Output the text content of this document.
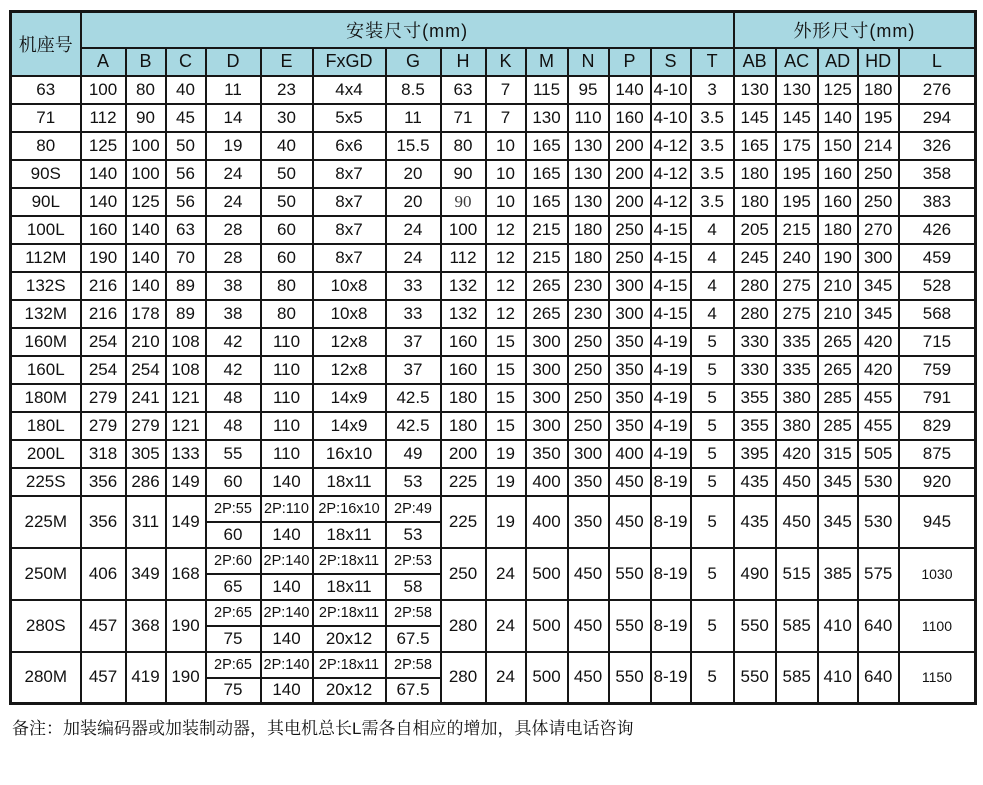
机座号	安装尺寸(mm)														外形尺寸(mm)				
	A	B	C	D	E	FxGD	G	H	K	M	N	P	S	T	AB	AC	AD	HD	L
63	100	80	40	11	23	4x4	8.5	63	7	115	95	140	4-10	3	130	130	125	180	276
71	112	90	45	14	30	5x5	11	71	7	130	110	160	4-10	3.5	145	145	140	195	294
80	125	100	50	19	40	6x6	15.5	80	10	165	130	200	4-12	3.5	165	175	150	214	326
90S	140	100	56	24	50	8x7	20	90	10	165	130	200	4-12	3.5	180	195	160	250	358
90L	140	125	56	24	50	8x7	20	90	10	165	130	200	4-12	3.5	180	195	160	250	383
100L	160	140	63	28	60	8x7	24	100	12	215	180	250	4-15	4	205	215	180	270	426
112M	190	140	70	28	60	8x7	24	112	12	215	180	250	4-15	4	245	240	190	300	459
132S	216	140	89	38	80	10x8	33	132	12	265	230	300	4-15	4	280	275	210	345	528
132M	216	178	89	38	80	10x8	33	132	12	265	230	300	4-15	4	280	275	210	345	568
160M	254	210	108	42	110	12x8	37	160	15	300	250	350	4-19	5	330	335	265	420	715
160L	254	254	108	42	110	12x8	37	160	15	300	250	350	4-19	5	330	335	265	420	759
180M	279	241	121	48	110	14x9	42.5	180	15	300	250	350	4-19	5	355	380	285	455	791
180L	279	279	121	48	110	14x9	42.5	180	15	300	250	350	4-19	5	355	380	285	455	829
200L	318	305	133	55	110	16x10	49	200	19	350	300	400	4-19	5	395	420	315	505	875
225S	356	286	149	60	140	18x11	53	225	19	400	350	450	8-19	5	435	450	345	530	920
225M	356	311	149	2P:55	2P:110	2P:16x10	2P:49	225	19	400	350	450	8-19	5	435	450	345	530	945
				60	140	18x11	53												
250M	406	349	168	2P:60	2P:140	2P:18x11	2P:53	250	24	500	450	550	8-19	5	490	515	385	575	1030
				65	140	18x11	58												
280S	457	368	190	2P:65	2P:140	2P:18x11	2P:58	280	24	500	450	550	8-19	5	550	585	410	640	1100
				75	140	20x12	67.5												
280M	457	419	190	2P:65	2P:140	2P:18x11	2P:58	280	24	500	450	550	8-19	5	550	585	410	640	1150
				75	140	20x12	67.5												

备注：加装编码器或加装制动器，其电机总长L需各自相应的增加，具体请电话咨询
